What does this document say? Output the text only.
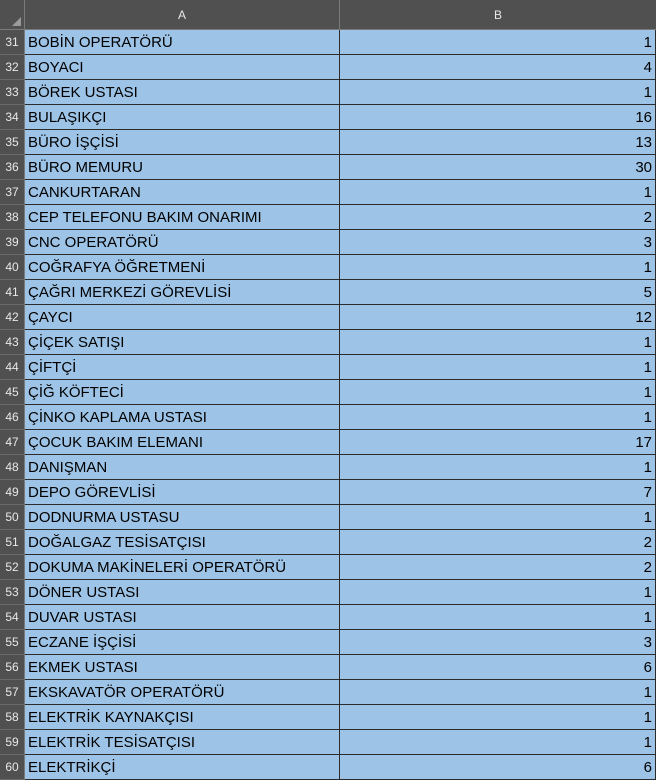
A	B
31 BOBİN OPERATÖRÜ	1
32 BOYACI	4
33 BÖREK USTASI	1
34 BULAŞIKÇI	16
35 BÜRO İŞÇİSİ	13
36 BÜRO MEMURU	30
37 CANKURTARAN	1
38 CEP TELEFONU BAKIM ONARIMI	2
39 CNC OPERATÖRÜ	3
40 COĞRAFYA ÖĞRETMENİ	1
41 ÇAĞRI MERKEZİ GÖREVLİSİ	5
42 ÇAYCI	12
43 ÇİÇEK SATIŞI	1
44 ÇİFTÇİ	1
45 ÇİĞ KÖFTECİ	1
46 ÇİNKO KAPLAMA USTASI	1
47 ÇOCUK BAKIM ELEMANI	17
48 DANIŞMAN	1
49 DEPO GÖREVLİSİ	7
50 DODNURMA USTASU	1
51 DOĞALGAZ TESİSATÇISI	2
52 DOKUMA MAKİNELERİ OPERATÖRÜ	2
53 DÖNER USTASI	1
54 DUVAR USTASI	1
55 ECZANE İŞÇİSİ	3
56 EKMEK USTASI	6
57 EKSKAVATÖR OPERATÖRÜ	1
58 ELEKTRİK KAYNAKÇISI	1
59 ELEKTRİK TESİSATÇISI	1
60 ELEKTRİKÇİ	6
